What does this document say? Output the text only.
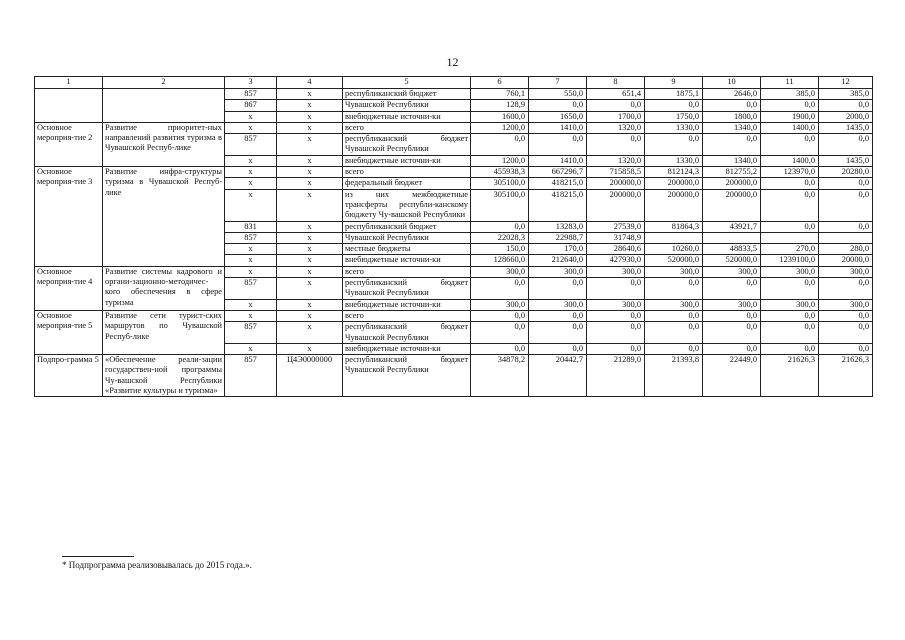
12
1	2	3	4	5	6	7	8	9	10	11	12
		857	x	республиканский бюджет	760,1	550,0	651,4	1875,1	2646,0	385,0	385,0
		867	x	Чувашской Республики	128,9	0,0	0,0	0,0	0,0	0,0	0,0
		x	x	внебюджетные источни-ки	1600,0	1650,0	1700,0	1750,0	1800,0	1900,0	2000,0
Основное мероприя-тие 2	Развитие приоритет-ных направлений развития туризма в Чувашской Респуб-лике	x	x	всего	1200,0	1410,0	1320,0	1330,0	1340,0	1400,0	1435,0
		857	x	республиканский бюджет Чувашской Республики	0,0	0,0	0,0	0,0	0,0	0,0	0,0
		x	x	внебюджетные источни-ки	1200,0	1410,0	1320,0	1330,0	1340,0	1400,0	1435,0
Основное мероприя-тие 3	Развитие инфра-структуры туризма в Чувашской Респуб-лике	x	x	всего	455938,3	667296,7	715858,5	812124,3	812755,2	123970,0	20280,0
		x	x	федеральный бюджет	305100,0	418215,0	200000,0	200000,0	200000,0	0,0	0,0
		x	x	из них межбюджетные трансферты республи-канскому бюджету Чу-вашской Республики	305100,0	418215,0	200000,0	200000,0	200000,0	0,0	0,0
		831	x	республиканский бюджет	0,0	13283,0	27539,0	81864,3	43921,7	0,0	0,0
		857	x	Чувашской Республики	22028,3	22988,7	31748,9				
		x	x	местные бюджеты	150,0	170,0	28640,6	10260,0	48833,5	270,0	280,0
		x	x	внебюджетные источни-ки	128660,0	212640,0	427930,0	520000,0	520000,0	1239100,0	20000,0
Основное мероприя-тие 4	Развитие системы кадрового и органи-зационно-методичес-кого обеспечения в сфере туризма	x	x	всего	300,0	300,0	300,0	300,0	300,0	300,0	300,0
		857	x	республиканский бюджет Чувашской Республики	0,0	0,0	0,0	0,0	0,0	0,0	0,0
		x	x	внебюджетные источни-ки	300,0	300,0	300,0	300,0	300,0	300,0	300,0
Основное мероприя-тие 5	Развитие сети турист-ских маршрутов по Чувашской Респуб-лике	x	x	всего	0,0	0,0	0,0	0,0	0,0	0,0	0,0
		857	x	республиканский бюджет Чувашской Республики	0,0	0,0	0,0	0,0	0,0	0,0	0,0
		x	x	внебюджетные источни-ки	0,0	0,0	0,0	0,0	0,0	0,0	0,0
Подпро-грамма 5	«Обеспечение реали-зации государствен-ной программы Чу-вашской Республики «Развитие культуры и туризма»	857	Ц4Э0000000	республиканский бюджет Чувашской Республики	34878,2	20442,7	21289,0	21393,8	22449,0	21626,3	21626,3
* Подпрограмма реализовывалась до 2015 года.».
